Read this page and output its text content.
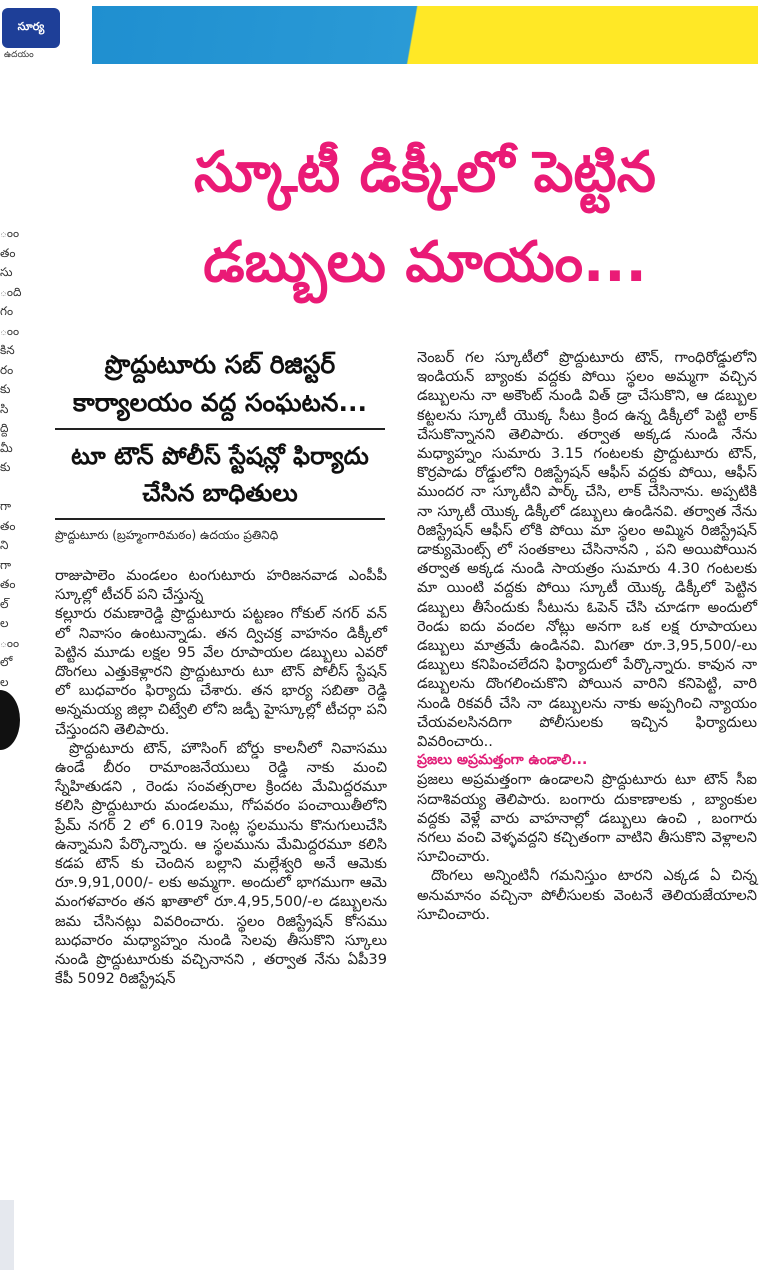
సూర్య
ఉదయం
ంం
తం
సు
ంది
గం
ంం
కిన
రం
కు
సి
ద్ది
మీ
కు

గా
తం
ని
గా
తం
ల్
ల
ంం
లో
ల
స్కూటీ డిక్కీలో పెట్టిన
డబ్బులు మాయం...
ప్రొద్దుటూరు సబ్ రిజిస్టర్ కార్యాలయం వద్ద సంఘటన...
టూ టౌన్ పోలీస్ స్టేషన్లో ఫిర్యాదు చేసిన బాధితులు
ప్రొద్దుటూరు (బ్రహ్మంగారిమఠం) ఉదయం ప్రతినిధి

రాజుపాలెం మండలం టంగుటూరు హరిజనవాడ ఎంపీపీ స్కూల్లో టీచర్ పని చేస్తున్న

కల్లూరు రమణారెడ్డి ప్రొద్దుటూరు పట్టణం గోకుల్ నగర్ వన్ లో నివాసం ఉంటున్నాడు. తన ద్విచక్ర వాహనం డిక్కీలో పెట్టిన మూడు లక్షల 95 వేల రూపాయల డబ్బులు ఎవరో దొంగలు ఎత్తుకెళ్లారని ప్రొద్దుటూరు టూ టౌన్ పోలీస్ స్టేషన్ లో బుధవారం ఫిర్యాదు చేశారు. తన భార్య సబితా రెడ్డి అన్నమయ్య జిల్లా చిట్వేలి లోని జడ్పీ హైస్కూల్లో టీచర్గా పని చేస్తుందని తెలిపారు.

ప్రొద్దుటూరు టౌన్, హౌసింగ్ బోర్డు కాలనీలో నివాసము ఉండే బీరం రామాంజనేయులు రెడ్డి నాకు మంచి స్నేహితుడని , రెండు సంవత్సరాల క్రిందట మేమిద్దరమూ కలిసి ప్రొద్దుటూరు మండలము, గోపవరం పంచాయితీలోని ప్రేమ్ నగర్ 2 లో 6.019 సెంట్ల స్థలమును కొనుగులుచేసి ఉన్నామని పేర్కొన్నారు. ఆ స్థలమును మేమిద్దరమూ కలిసి కడప టౌన్ కు చెందిన బల్లాని మల్లేశ్వరి అనే ఆమెకు రూ.9,91,000/- లకు అమ్మగా. అందులో భాగముగా ఆమె మంగళవారం తన ఖాతాలో రూ.4,95,500/-ల డబ్బులను జమ చేసినట్లు వివరించారు. స్థలం రిజిస్ట్రేషన్ కోసము బుధవారం మధ్యాహ్నం నుండి సెలవు తీసుకొని స్కూలు నుండి ప్రొద్దుటూరుకు వచ్చినానని , తర్వాత నేను ఏపీ39 కేపీ 5092 రిజిస్ట్రేషన్

నెంబర్ గల స్కూటీలో ప్రొద్దుటూరు టౌన్, గాంధిరోడ్డులోని ఇండియన్ బ్యాంకు వద్దకు పోయి స్థలం అమ్మగా వచ్చిన డబ్బులను నా అకౌంట్ నుండి విత్ డ్రా చేసుకొని, ఆ డబ్బుల కట్టలను స్కూటీ యొక్క సీటు క్రింద ఉన్న డిక్కీలో పెట్టి లాక్ చేసుకొన్నానని తెలిపారు. తర్వాత అక్కడ నుండి నేను మధ్యాహ్నం సుమారు 3.15 గంటలకు ప్రొద్దుటూరు టౌన్, కొర్రపాడు రోడ్డులోని రిజిస్ట్రేషన్ ఆఫీస్ వద్దకు పోయి, ఆఫీస్ ముందర నా స్కూటీని పార్క్ చేసి, లాక్ చేసినాను. అప్పటికి నా స్కూటీ యొక్క డిక్కీలో డబ్బులు ఉండినవి. తర్వాత నేను రిజిస్ట్రేషన్ ఆఫీస్ లోకి పోయి మా స్థలం అమ్మిన రిజిస్ట్రేషన్ డాక్యుమెంట్స్ లో సంతకాలు చేసినానని , పని అయిపోయిన తర్వాత అక్కడ నుండి సాయత్రం సుమారు 4.30 గంటలకు మా యింటి వద్దకు పోయి స్కూటీ యొక్క డిక్కీలో పెట్టిన డబ్బులు తీసేందుకు సీటును ఓపెన్ చేసి చూడగా అందులో రెండు ఐదు వందల నోట్లు అనగా ఒక లక్ష రూపాయలు డబ్బులు మాత్రమే ఉండినవి. మిగతా రూ.3,95,500/-లు డబ్బులు కనిపించలేదని ఫిర్యాదులో పేర్కొన్నారు. కావున నా డబ్బులను దొంగలించుకొని పోయిన వారిని కనిపెట్టి, వారి నుండి రికవరీ చేసి నా డబ్బులను నాకు అప్పగించి న్యాయం చేయవలసినదిగా పోలీసులకు ఇచ్చిన ఫిర్యాదులు వివరించారు..

ప్రజలు అప్రమత్తంగా ఉండాలి...

ప్రజలు అప్రమత్తంగా ఉండాలని ప్రొద్దుటూరు టూ టౌన్ సీఐ సదాశివయ్య తెలిపారు. బంగారు దుకాణాలకు , బ్యాంకుల వద్దకు వెళ్లే వారు వాహనాల్లో డబ్బులు ఉంచి , బంగారు నగలు వంచి వెళ్ళవద్దని కచ్చితంగా వాటిని తీసుకొని వెళ్లాలని సూచించారు.

దొంగలు అన్నింటినీ గమనిస్తుం టారని ఎక్కడ ఏ చిన్న అనుమానం వచ్చినా పోలీసులకు వెంటనే తెలియజేయాలని సూచించారు.
